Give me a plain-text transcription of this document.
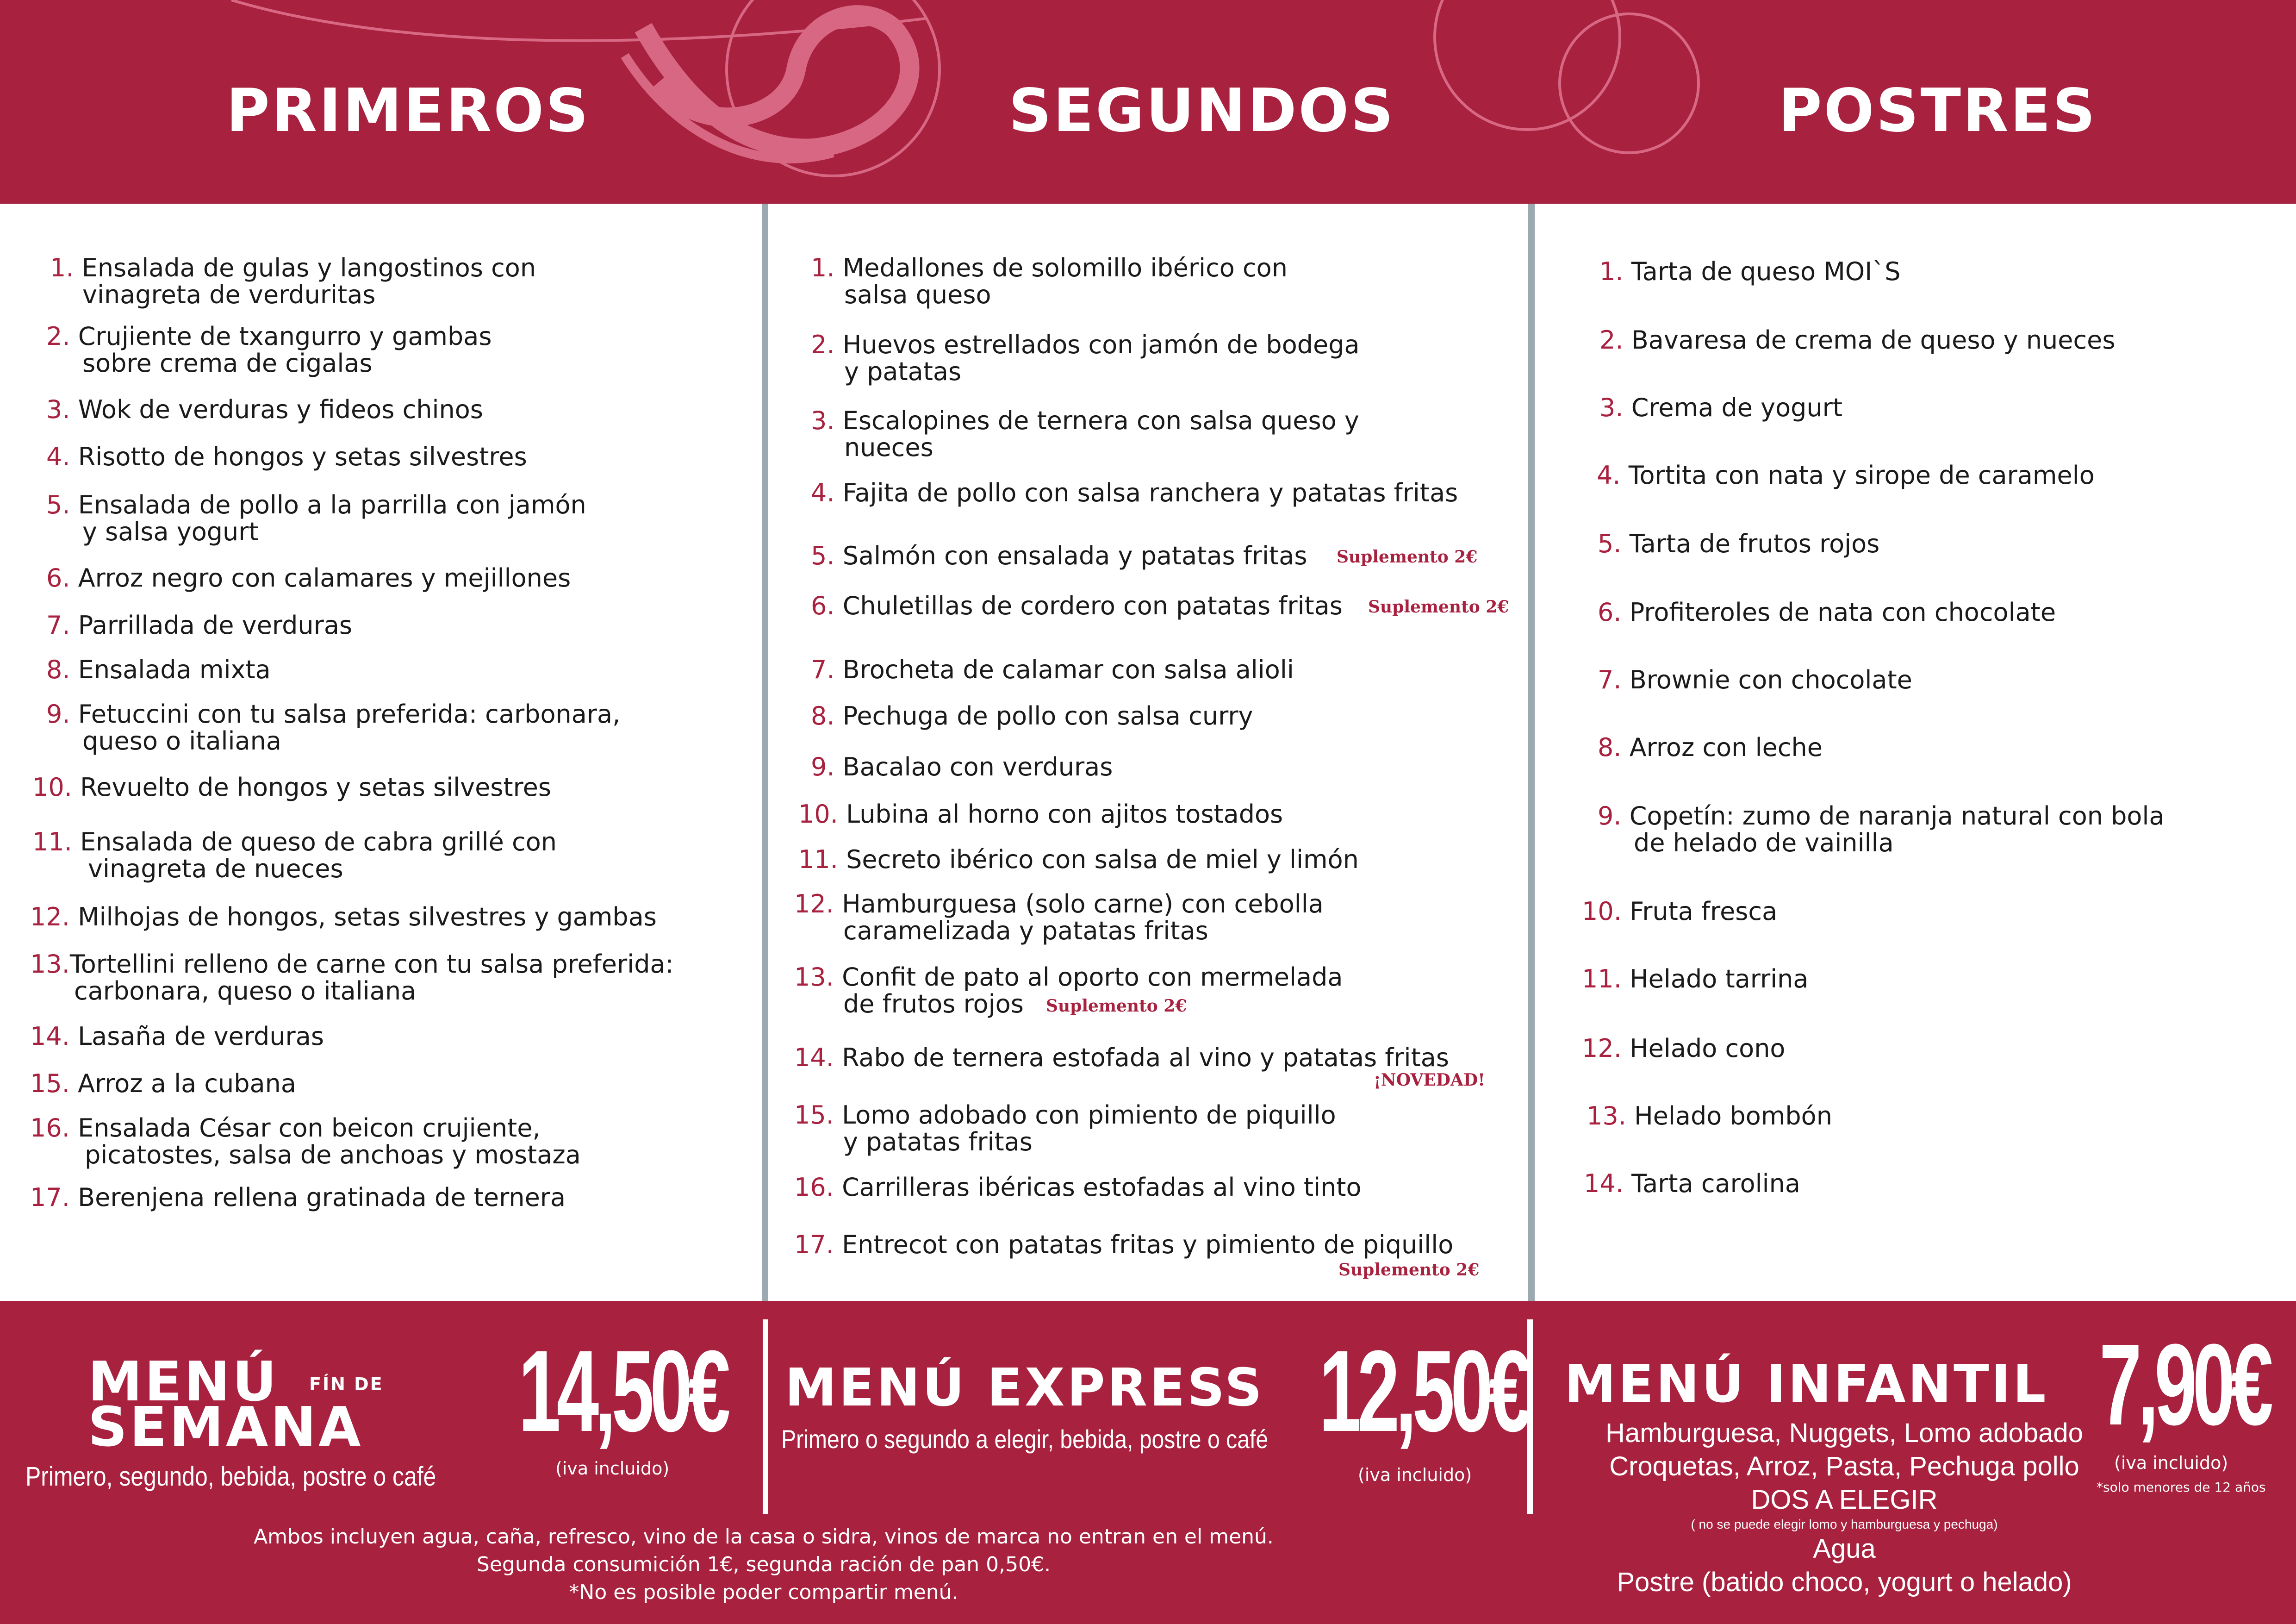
PRIMEROS	SEGUNDOS	POSTRES
1. Ensalada de gulas y langostinos con
vinagreta de verduritas
2. Crujiente de txangurro y gambas
sobre crema de cigalas
3. Wok de verduras y fideos chinos
4. Risotto de hongos y setas silvestres
5. Ensalada de pollo a la parrilla con jamón
y salsa yogurt
6. Arroz negro con calamares y mejillones
7. Parrillada de verduras
8. Ensalada mixta
9. Fetuccini con tu salsa preferida: carbonara,
queso o italiana
10. Revuelto de hongos y setas silvestres
11. Ensalada de queso de cabra grillé con
vinagreta de nueces
12. Milhojas de hongos, setas silvestres y gambas
13.Tortellini relleno de carne con tu salsa preferida:
carbonara, queso o italiana
14. Lasaña de verduras
15. Arroz a la cubana
16. Ensalada César con beicon crujiente,
picatostes, salsa de anchoas y mostaza
17. Berenjena rellena gratinada de ternera
1. Medallones de solomillo ibérico con
salsa queso
2. Huevos estrellados con jamón de bodega
y patatas
3. Escalopines de ternera con salsa queso y
nueces
4. Fajita de pollo con salsa ranchera y patatas fritas
5. Salmón con ensalada y patatas fritas Suplemento 2€
6. Chuletillas de cordero con patatas fritas Suplemento 2€
7. Brocheta de calamar con salsa alioli
8. Pechuga de pollo con salsa curry
9. Bacalao con verduras
10. Lubina al horno con ajitos tostados
11. Secreto ibérico con salsa de miel y limón
12. Hamburguesa (solo carne) con cebolla
caramelizada y patatas fritas
13. Confit de pato al oporto con mermelada
de frutos rojos	Suplemento 2€
14. Rabo de ternera estofada al vino y patatas fritas
¡NOVEDAD!
15. Lomo adobado con pimiento de piquillo
y patatas fritas
16. Carrilleras ibéricas estofadas al vino tinto
17. Entrecot con patatas fritas y pimiento de piquillo
Suplemento 2€
1. Tarta de queso MOI`S
2. Bavaresa de crema de queso y nueces
3. Crema de yogurt
4. Tortita con nata y sirope de caramelo
5. Tarta de frutos rojos
6. Profiteroles de nata con chocolate
7. Brownie con chocolate
8. Arroz con leche
9. Copetín: zumo de naranja natural con bola
de helado de vainilla
10. Fruta fresca
11. Helado tarrina
12. Helado cono
13. Helado bombón
14. Tarta carolina
MENÚ FÍN DE
SEMANA 14,50€
(iva incluido)
Primero, segundo, bebida, postre o café
MENÚ EXPRESS 12,50€
(iva incluido)
Primero o segundo a elegir, bebida, postre o café
Ambos incluyen agua, caña, refresco, vino de la casa o sidra, vinos de marca no entran en el menú.
Segunda consumición 1€, segunda ración de pan 0,50€.
*No es posible poder compartir menú.
MENÚ INFANTIL 7,90€
(iva incluido)
*solo menores de 12 años
Hamburguesa, Nuggets, Lomo adobado
Croquetas, Arroz, Pasta, Pechuga pollo
DOS A ELEGIR
( no se puede elegir lomo y hamburguesa y pechuga)
Agua
Postre (batido choco, yogurt o helado)
